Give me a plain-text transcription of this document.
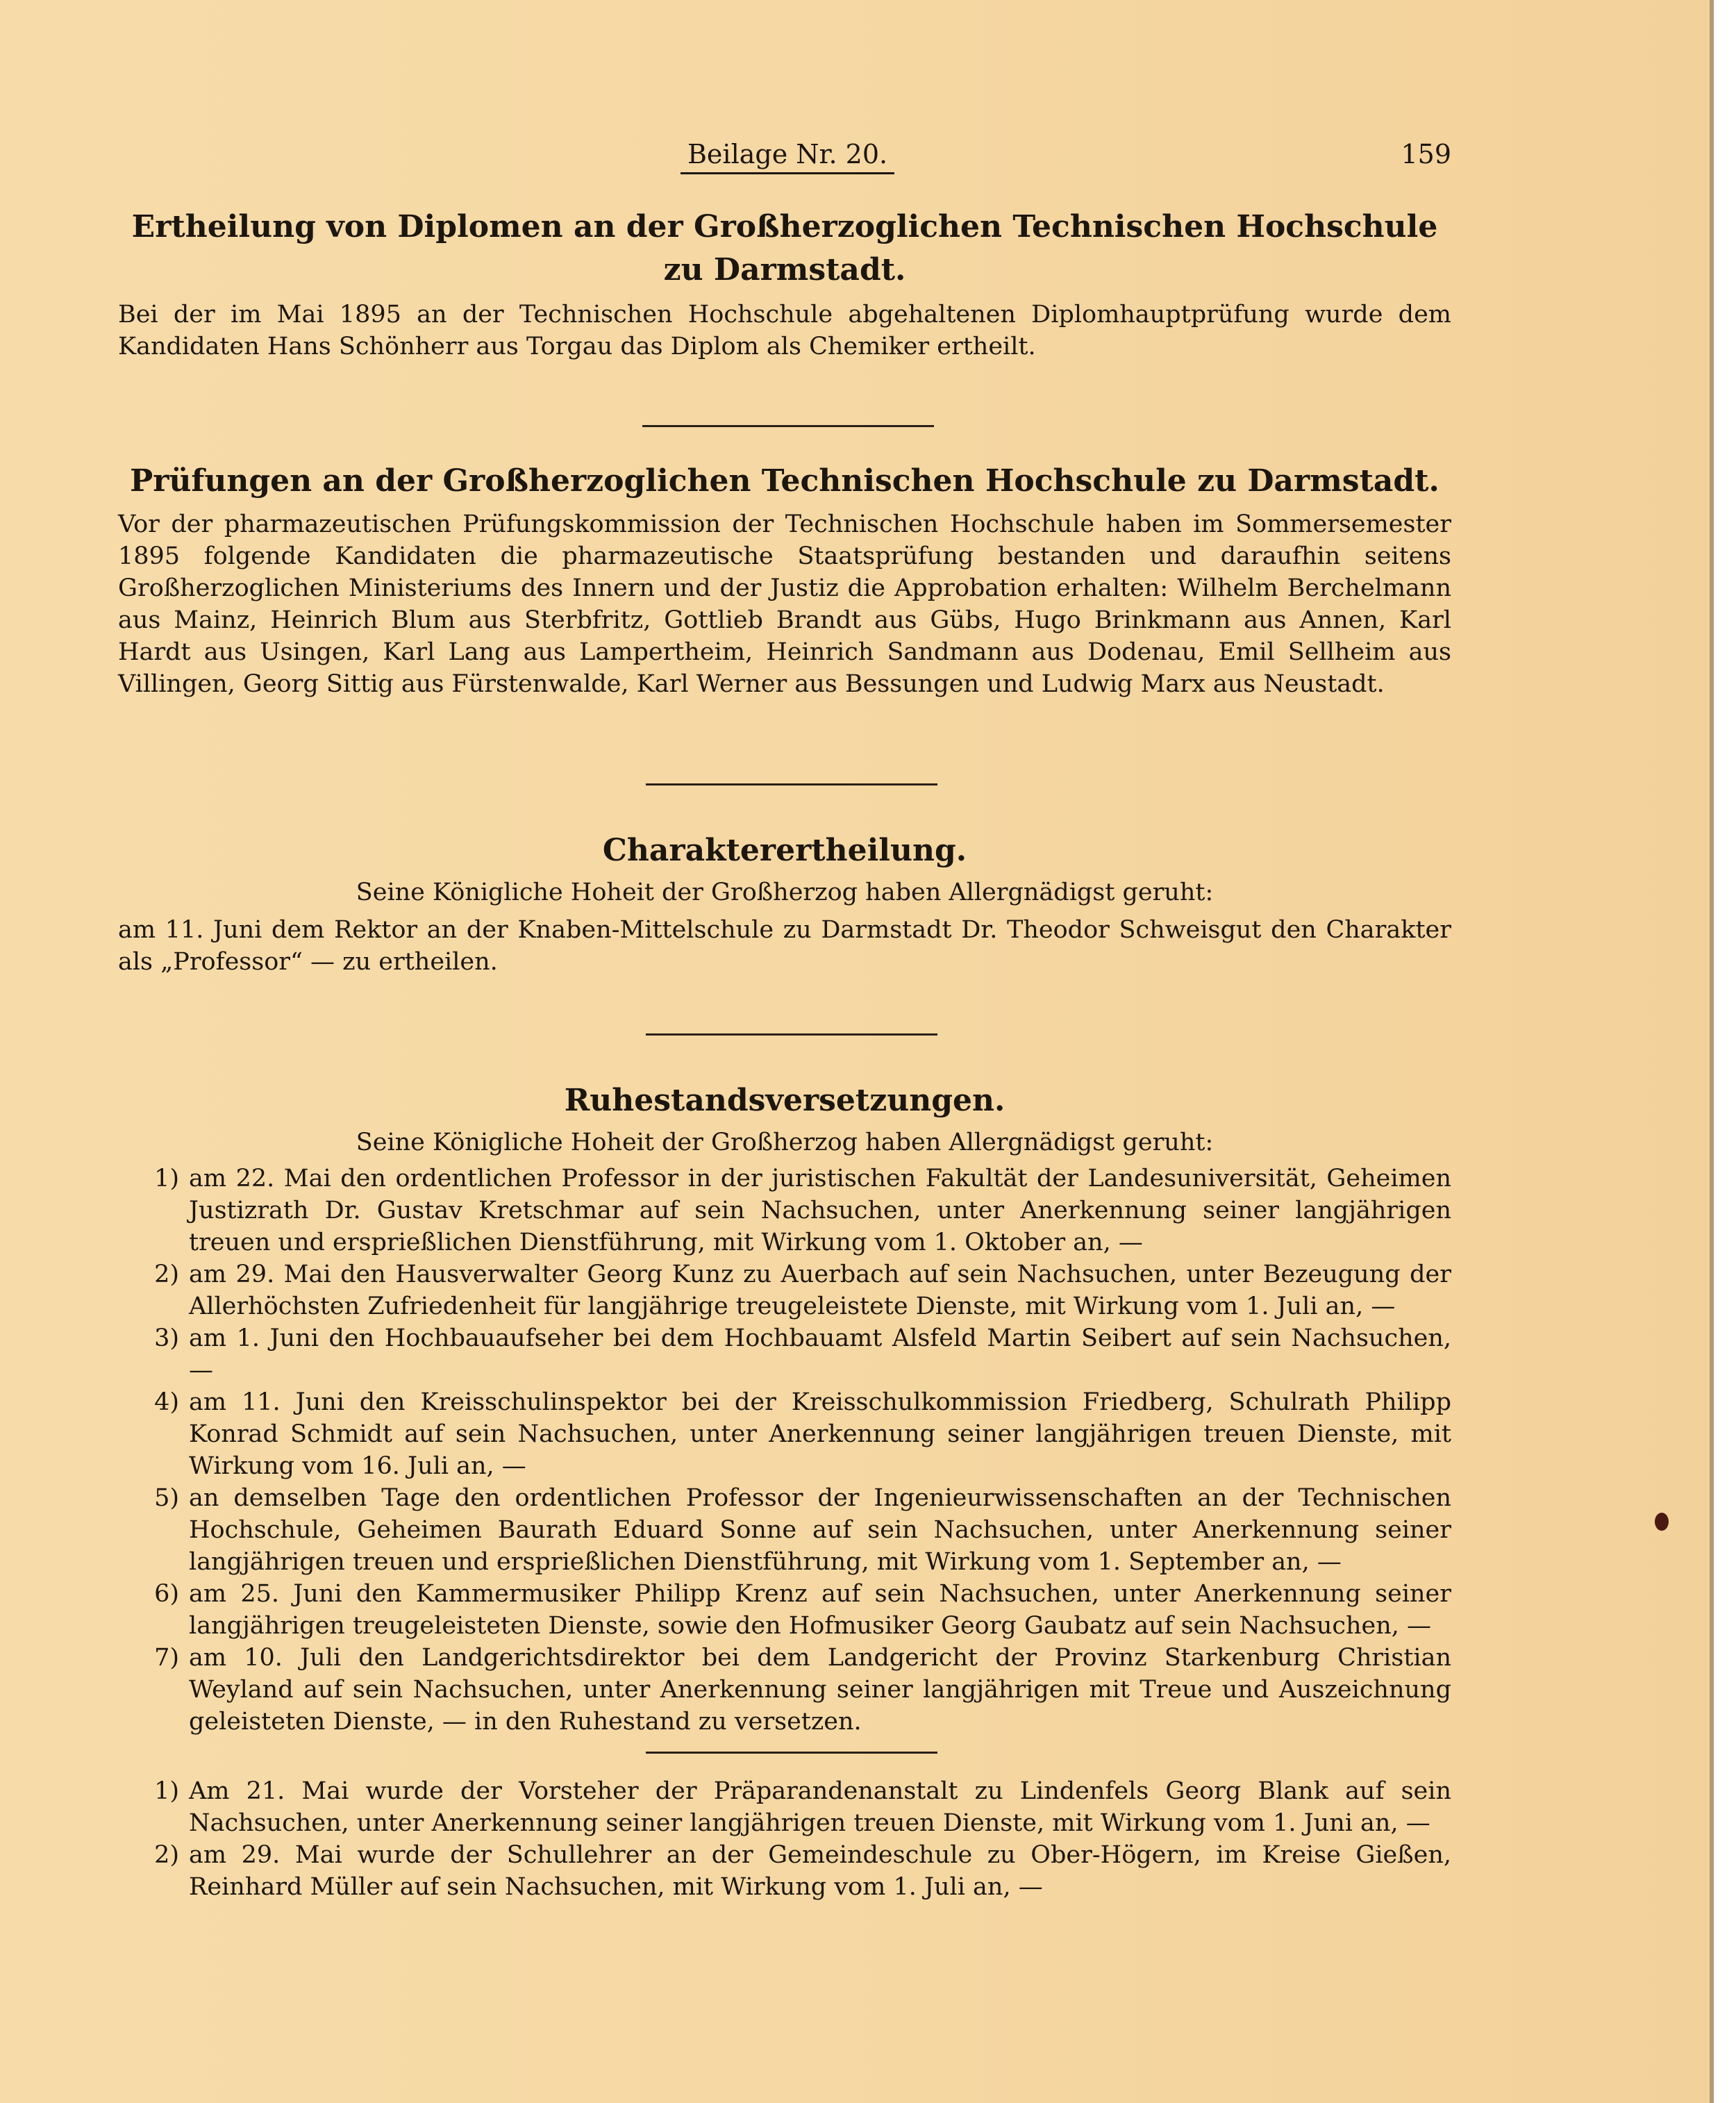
Beilage Nr. 20.	159

Ertheilung von Diplomen an der Großherzoglichen Technischen Hochschule

zu Darmstadt.

Bei der im Mai 1895 an der Technischen Hochschule abgehaltenen Diplomhauptprüfung wurde dem Kandidaten Hans Schönherr aus Torgau das Diplom als Chemiker ertheilt.

Prüfungen an der Großherzoglichen Technischen Hochschule zu Darmstadt.

Vor der pharmazeutischen Prüfungskommission der Technischen Hochschule haben im Sommersemester 1895 folgende Kandidaten die pharmazeutische Staatsprüfung bestanden und daraufhin seitens Großherzoglichen Ministeriums des Innern und der Justiz die Approbation erhalten: Wilhelm Berchelmann aus Mainz, Heinrich Blum aus Sterbfritz, Gottlieb Brandt aus Gübs, Hugo Brinkmann aus Annen, Karl Hardt aus Usingen, Karl Lang aus Lampertheim, Heinrich Sandmann aus Dodenau, Emil Sellheim aus Villingen, Georg Sittig aus Fürstenwalde, Karl Werner aus Bessungen und Ludwig Marx aus Neustadt.

Charakterertheilung.

Seine Königliche Hoheit der Großherzog haben Allergnädigst geruht:

am 11. Juni dem Rektor an der Knaben-Mittelschule zu Darmstadt Dr. Theodor Schweisgut den Charakter als „Professor“ — zu ertheilen.

Ruhestandsversetzungen.

Seine Königliche Hoheit der Großherzog haben Allergnädigst geruht:

1) am 22. Mai den ordentlichen Professor in der juristischen Fakultät der Landesuniversität, Geheimen Justizrath Dr. Gustav Kretschmar auf sein Nachsuchen, unter Anerkennung seiner langjährigen treuen und ersprießlichen Dienstführung, mit Wirkung vom 1. Oktober an, —
2) am 29. Mai den Hausverwalter Georg Kunz zu Auerbach auf sein Nachsuchen, unter Bezeugung der Allerhöchsten Zufriedenheit für langjährige treugeleistete Dienste, mit Wirkung vom 1. Juli an, —
3) am 1. Juni den Hochbauaufseher bei dem Hochbauamt Alsfeld Martin Seibert auf sein Nachsuchen, —
4) am 11. Juni den Kreisschulinspektor bei der Kreisschulkommission Friedberg, Schulrath Philipp Konrad Schmidt auf sein Nachsuchen, unter Anerkennung seiner langjährigen treuen Dienste, mit Wirkung vom 16. Juli an, —
5) an demselben Tage den ordentlichen Professor der Ingenieurwissenschaften an der Technischen Hochschule, Geheimen Baurath Eduard Sonne auf sein Nachsuchen, unter Anerkennung seiner langjährigen treuen und ersprießlichen Dienstführung, mit Wirkung vom 1. September an, —
6) am 25. Juni den Kammermusiker Philipp Krenz auf sein Nachsuchen, unter Anerkennung seiner langjährigen treugeleisteten Dienste, sowie den Hofmusiker Georg Gaubatz auf sein Nachsuchen, —
7) am 10. Juli den Landgerichtsdirektor bei dem Landgericht der Provinz Starkenburg Christian Weyland auf sein Nachsuchen, unter Anerkennung seiner langjährigen mit Treue und Auszeichnung geleisteten Dienste, — in den Ruhestand zu versetzen.
1) Am 21. Mai wurde der Vorsteher der Präparandenanstalt zu Lindenfels Georg Blank auf sein Nachsuchen, unter Anerkennung seiner langjährigen treuen Dienste, mit Wirkung vom 1. Juni an, —
2) am 29. Mai wurde der Schullehrer an der Gemeindeschule zu Ober-Högern, im Kreise Gießen, Reinhard Müller auf sein Nachsuchen, mit Wirkung vom 1. Juli an, —
